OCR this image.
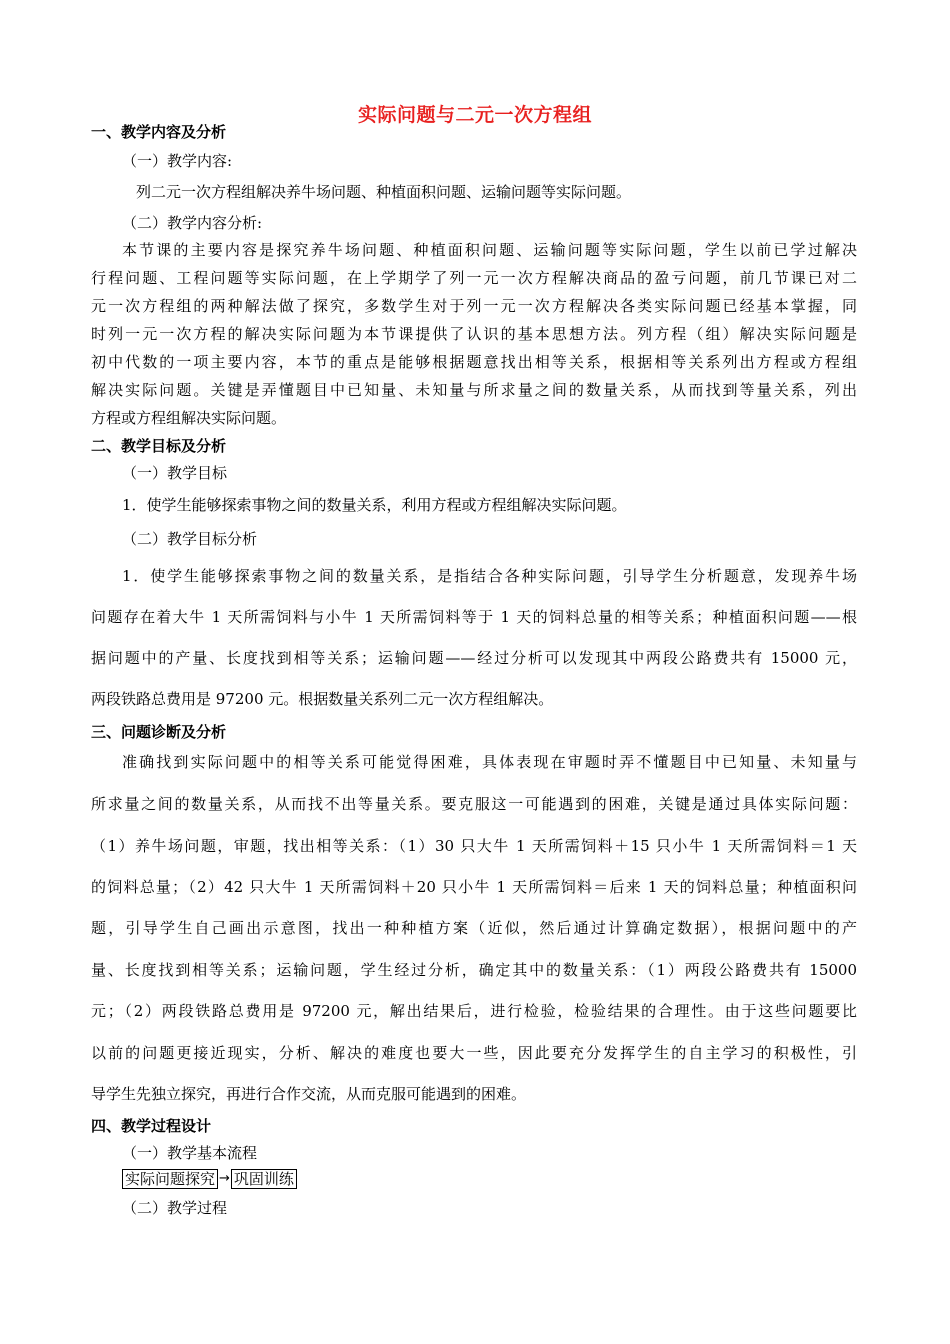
实际问题与二元一次方程组
一、教学内容及分析
（一）教学内容:
列二元一次方程组解决养牛场问题、种植面积问题、运输问题等实际问题。
（二）教学内容分析:
本节课的主要内容是探究养牛场问题、种植面积问题、运输问题等实际问题，学生以前已学过解决
行程问题、工程问题等实际问题，在上学期学了列一元一次方程解决商品的盈亏问题，前几节课已对二
元一次方程组的两种解法做了探究，多数学生对于列一元一次方程解决各类实际问题已经基本掌握，同
时列一元一次方程的解决实际问题为本节课提供了认识的基本思想方法。列方程（组）解决实际问题是
初中代数的一项主要内容，本节的重点是能够根据题意找出相等关系，根据相等关系列出方程或方程组
解决实际问题。关键是弄懂题目中已知量、未知量与所求量之间的数量关系，从而找到等量关系，列出
方程或方程组解决实际问题。
二、教学目标及分析
（一）教学目标
1．使学生能够探索事物之间的数量关系，利用方程或方程组解决实际问题。
（二）教学目标分析
1．使学生能够探索事物之间的数量关系，是指结合各种实际问题，引导学生分析题意，发现养牛场
问题存在着大牛 1 天所需饲料与小牛 1 天所需饲料等于 1 天的饲料总量的相等关系；种植面积问题——根
据问题中的产量、长度找到相等关系；运输问题——经过分析可以发现其中两段公路费共有 15000 元，
两段铁路总费用是 97200 元。根据数量关系列二元一次方程组解决。
三、问题诊断及分析
准确找到实际问题中的相等关系可能觉得困难，具体表现在审题时弄不懂题目中已知量、未知量与
所求量之间的数量关系，从而找不出等量关系。要克服这一可能遇到的困难，关键是通过具体实际问题：
（1）养牛场问题，审题，找出相等关系：（1）30 只大牛 1 天所需饲料＋15 只小牛 1 天所需饲料＝1 天
的饲料总量；（2）42 只大牛 1 天所需饲料＋20 只小牛 1 天所需饲料＝后来 1 天的饲料总量；种植面积问
题，引导学生自己画出示意图，找出一种种植方案（近似，然后通过计算确定数据），根据问题中的产
量、长度找到相等关系；运输问题，学生经过分析，确定其中的数量关系：（1）两段公路费共有 15000
元；（2）两段铁路总费用是 97200 元，解出结果后，进行检验，检验结果的合理性。由于这些问题要比
以前的问题更接近现实，分析、解决的难度也要大一些，因此要充分发挥学生的自主学习的积极性，引
导学生先独立探究，再进行合作交流，从而克服可能遇到的困难。
四、教学过程设计
（一）教学基本流程
实际问题探究 → 巩固训练
（二）教学过程
